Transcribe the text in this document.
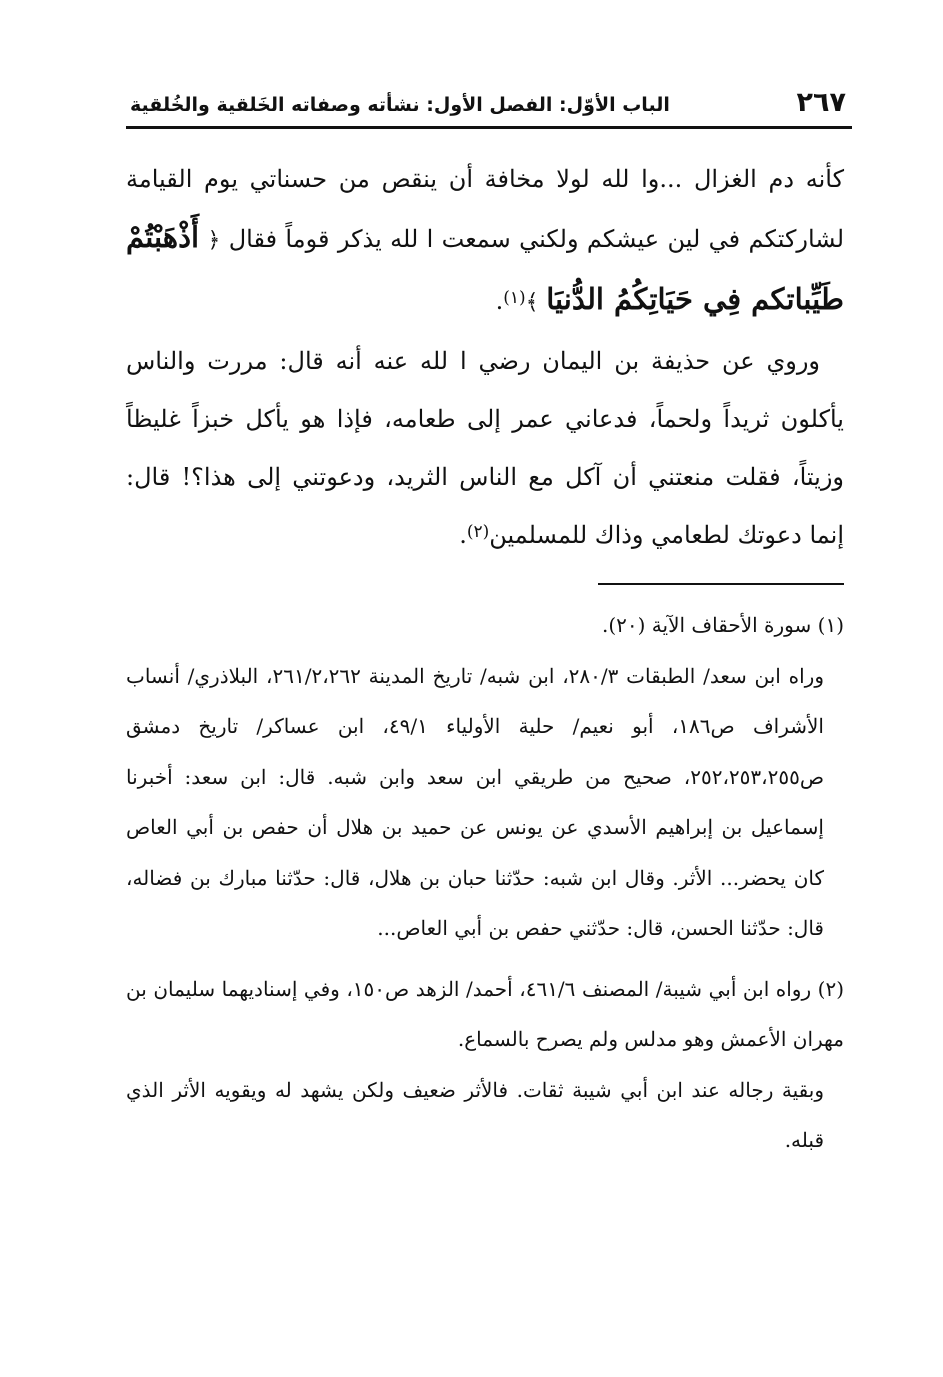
٢٦٧
الباب الأوّل: الفصل الأول: نشأته وصفاته الخَلقية والخُلقية

كأنه دم الغزال ...وا لله لولا مخافة أن ينقص من حسناتي يوم القيامة لشاركتكم في لين عيشكم ولكني سمعت ا لله يذكر قوماً فقال ﴿ أَذْهَبْتُمْ طَيِّباتكم فِي حَيَاتِكُمُ الدُّنيَا ﴾$^{(١)}$.

وروي عن حذيفة بن اليمان رضي ا لله عنه أنه قال: مررت والناس يأكلون ثريداً ولحماً، فدعاني عمر إلى طعامه، فإذا هو يأكل خبزاً غليظاً وزيتاً، فقلت منعتني أن آكل مع الناس الثريد، ودعوتني إلى هذا؟! قال: إنما دعوتك لطعامي وذاك للمسلمين$^{(٢)}$.

(١) سورة الأحقاف الآية (٢٠).

وراه ابن سعد/ الطبقات ٢٨٠/٣، ابن شبه/ تاريخ المدينة ٢٦١/٢،٢٦٢، البلاذري/ أنساب الأشراف ص١٨٦، أبو نعيم/ حلية الأولياء ٤٩/١، ابن عساكر/ تاريخ دمشق ص٢٥٢،٢٥٣،٢٥٥، صحيح من طريقي ابن سعد وابن شبه. قال: ابن سعد: أخبرنا إسماعيل بن إبراهيم الأسدي عن يونس عن حميد بن هلال أن حفص بن أبي العاص كان يحضر... الأثر. وقال ابن شبه: حدّثنا حبان بن هلال، قال: حدّثنا مبارك بن فضاله، قال: حدّثنا الحسن، قال: حدّثني حفص بن أبي العاص...

(٢) رواه ابن أبي شيبة/ المصنف ٤٦١/٦، أحمد/ الزهد ص١٥٠، وفي إسناديهما سليمان بن مهران الأعمش وهو مدلس ولم يصرح بالسماع.

وبقية رجاله عند ابن أبي شيبة ثقات. فالأثر ضعيف ولكن يشهد له ويقويه الأثر الذي قبله.
